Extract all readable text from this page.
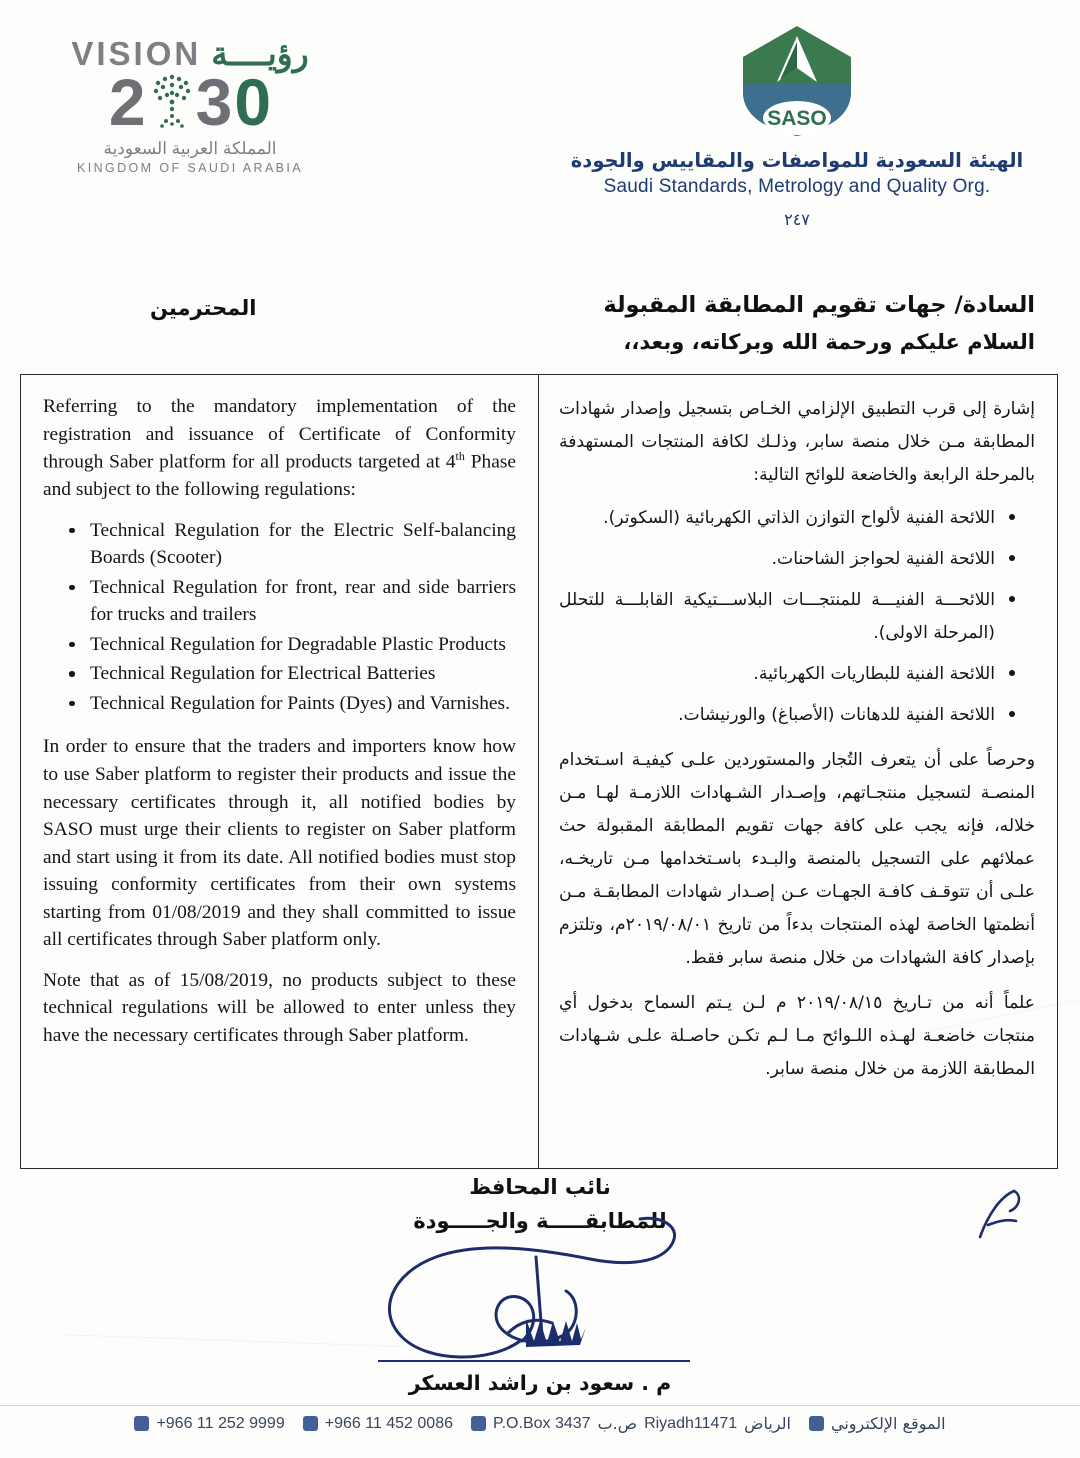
VISION رؤيــــة
2 3 0
المملكة العربية السعودية
KINGDOM OF SAUDI ARABIA
SASO
الهيئة السعودية للمواصفات والمقاييس والجودة
Saudi Standards, Metrology and Quality Org.
٢٤٧
المحترمين	السادة/ جهات تقويم المطابقة المقبولة
السلام عليكم ورحمة الله وبركاته، وبعد،،

Referring to the mandatory implementation of the registration and issuance of Certificate of Conformity through Saber platform for all products targeted at 4th Phase and subject to the following regulations:

Technical Regulation for the Electric Self-balancing Boards (Scooter)
Technical Regulation for front, rear and side barriers for trucks and trailers
Technical Regulation for Degradable Plastic Products
Technical Regulation for Electrical Batteries
Technical Regulation for Paints (Dyes) and Varnishes.

In order to ensure that the traders and importers know how to use Saber platform to register their products and issue the necessary certificates through it, all notified bodies by SASO must urge their clients to register on Saber platform and start using it from its date. All notified bodies must stop issuing conformity certificates from their own systems starting from 01/08/2019 and they shall committed to issue all certificates through Saber platform only.

Note that as of 15/08/2019, no products subject to these technical regulations will be allowed to enter unless they have the necessary certificates through Saber platform.

إشارة إلى قرب التطبيق الإلزامي الخـاص بتسجيل وإصدار شهادات المطابقة مـن خلال منصة سابر، وذلـك لكافة المنتجات المستهدفة بالمرحلة الرابعة والخاضعة للوائح التالية:

اللائحة الفنية لألواح التوازن الذاتي الكهربائية (السكوتر).
اللائحة الفنية لحواجز الشاحنات.
اللائحـــة الفنيـــة للمنتجـــات البلاســـتيكية القابلـــة للتحلل (المرحلة الاولى).
اللائحة الفنية للبطاريات الكهربائية.
اللائحة الفنية للدهانات (الأصباغ) والورنيشات.

وحرصاً على أن يتعرف التُجار والمستوردين علـى كيفيـة اسـتخدام المنصـة لتسجيل منتجـاتهم، وإصـدار الشـهادات اللازمـة لهـا مـن خلاله، فإنه يجب على كافة جهات تقويم المطابقة المقبولة حث عملائهم على التسجيل بالمنصة والبـدء باسـتخدامها مـن تاريخـه، علـى أن تتوقـف كافـة الجهـات عـن إصـدار شهادات المطابقـة مـن أنظمتها الخاصة لهذه المنتجات بدءاً من تاريخ ٢٠١٩/٠٨/٠١م، وتلتزم بإصدار كافة الشهادات من خلال منصة سابر فقط.

علماً أنه من تـاريخ ٢٠١٩/٠٨/١٥ م لـن يـتم السماح بدخول أي منتجات خاضعـة لهـذه اللـوائح مـا لـم تكـن حاصـلة علـى شـهادات المطابقة اللازمة من خلال منصة سابر.

نائب المحافظ
للمطابقـــــة والجـــــودة
م . سعود بن راشد العسكر
+966 11 252 9999	+966 11 452 0086	P.O.Box 3437 ص.ب Riyadh11471 الرياض	الموقع الإلكتروني
